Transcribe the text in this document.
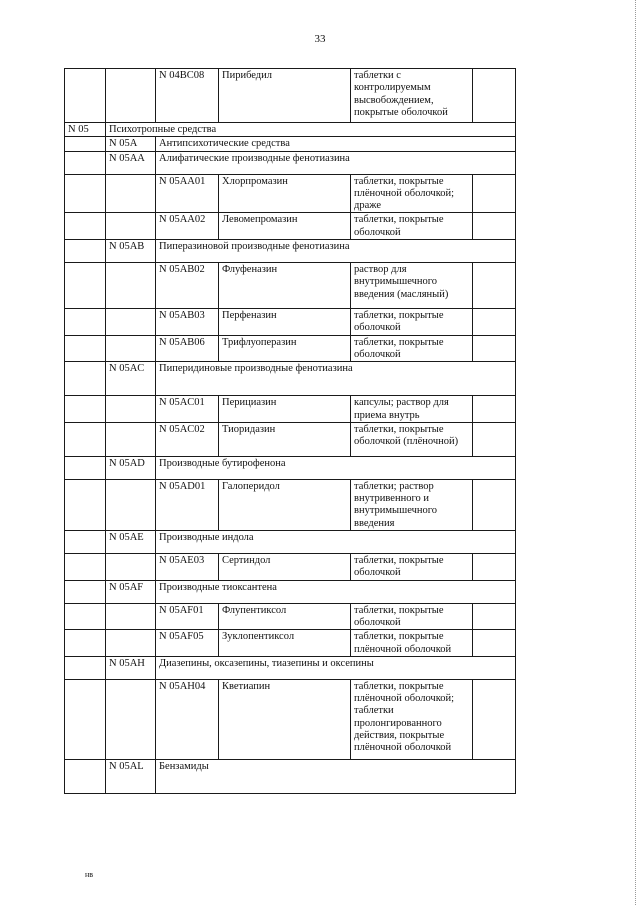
33
		N 04BC08	Пирибедил	таблетки с контролируемым высвобождением, покрытые оболочкой	
N 05	Психотропные средства				
	N 05A	Антипсихотические средства			
	N 05AA	Алифатические производные фенотиазина			
		N 05AA01	Хлорпромазин	таблетки, покрытые плёночной оболочкой; драже	
		N 05AA02	Левомепромазин	таблетки, покрытые оболочкой	
	N 05AB	Пиперазиновой производные фенотиазина			
		N 05AB02	Флуфеназин	раствор для внутримышечного введения (масляный)	
		N 05AB03	Перфеназин	таблетки, покрытые оболочкой	
		N 05AB06	Трифлуоперазин	таблетки, покрытые оболочкой	
	N 05AC	Пиперидиновые производные фенотиазина			
		N 05AC01	Перициазин	капсулы; раствор для приема внутрь	
		N 05AC02	Тиоридазин	таблетки, покрытые оболочкой (плёночной)	
	N 05AD	Производные бутирофенона			
		N 05AD01	Галоперидол	таблетки; раствор внутривенного и внутримышечного введения	
	N 05AE	Производные индола			
		N 05AE03	Сертиндол	таблетки, покрытые оболочкой	
	N 05AF	Производные тиоксантена			
		N 05AF01	Флупентиксол	таблетки, покрытые оболочкой	
		N 05AF05	Зуклопентиксол	таблетки, покрытые плёночной оболочкой	
	N 05AH	Диазепины, оксазепины, тиазепины и оксепины			
		N 05AH04	Кветиапин	таблетки, покрытые плёночной оболочкой; таблетки пролонгированного действия, покрытые плёночной оболочкой	
	N 05AL	Бензамиды			
нв
